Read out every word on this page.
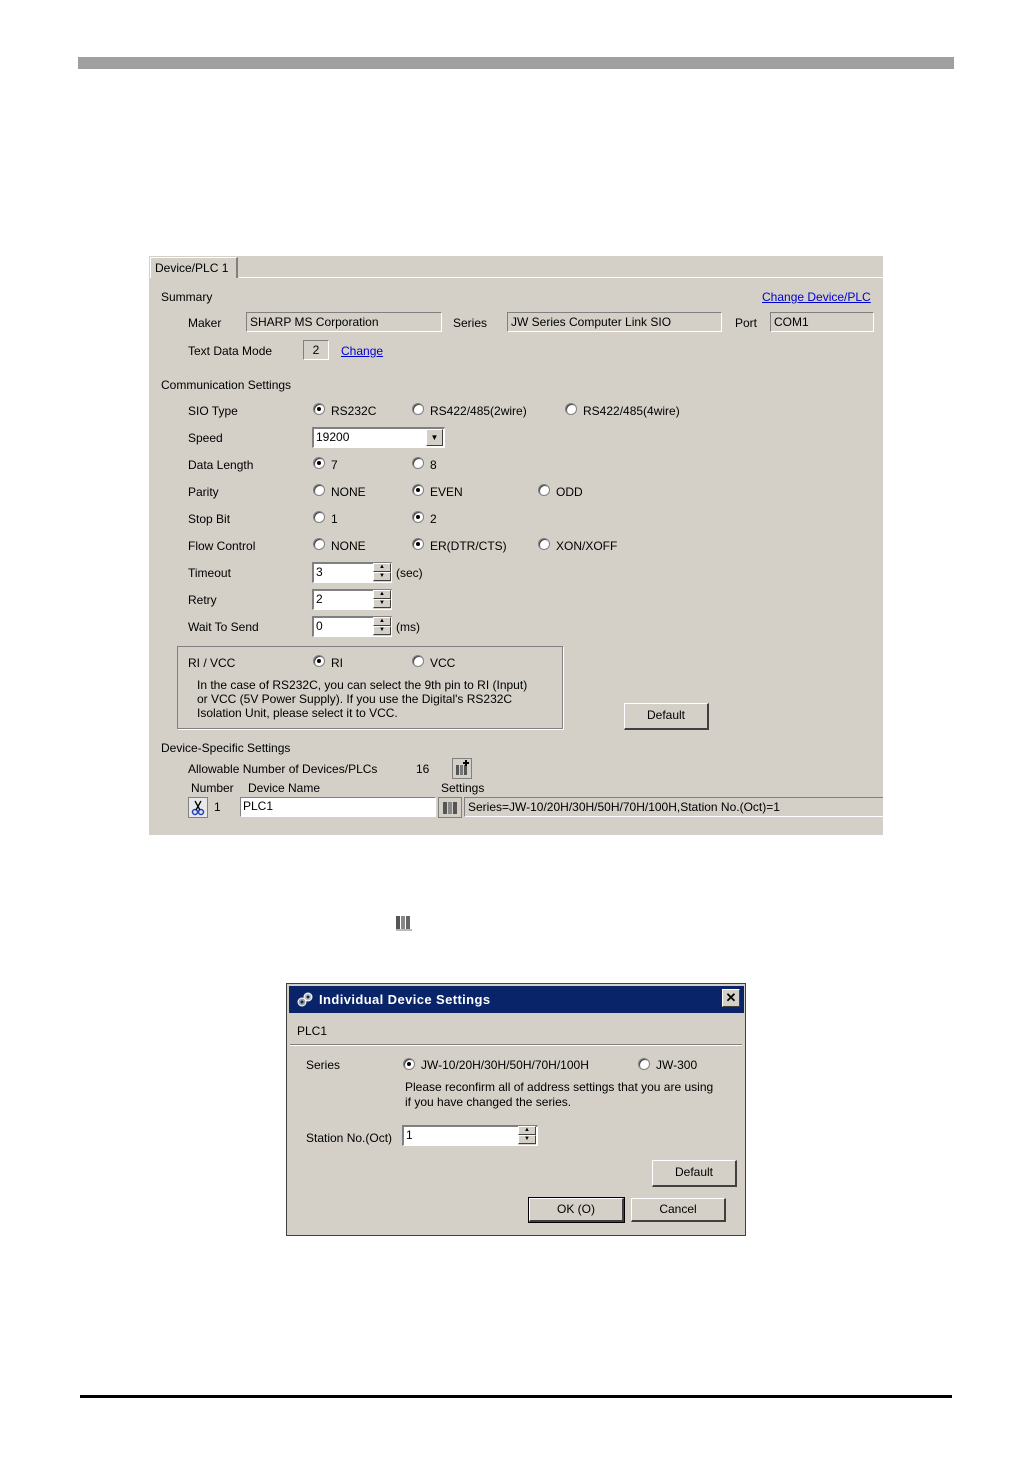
Device/PLC 1
Summary	Change Device/PLC
Maker	SHARP MS Corporation	Series	JW Series Computer Link SIO	Port	COM1
Text Data Mode	2	Change
Communication Settings
SIO Type	RS232C	RS422/485(2wire)	RS422/485(4wire)
Speed	19200	▼
Data Length	7	8
Parity	NONE	EVEN	ODD
Stop Bit	1	2
Flow Control	NONE	ER(DTR/CTS)	XON/XOFF
Timeout	3	▲
▼ (sec)
Retry	2	▲
▼
Wait To Send	0	▲
▼ (ms)
RI / VCC	RI	VCC
In the case of RS232C, you can select the 9th pin to RI (Input)
or VCC (5V Power Supply). If you use the Digital's RS232C
Isolation Unit, please select it to VCC.	Default
Device-Specific Settings
Allowable Number of Devices/PLCs	16
Number Device Name	Settings
1 PLC1	Series=JW-10/20H/30H/50H/70H/100H,Station No.(Oct)=1
Individual Device Settings	✕
PLC1
Series	JW-10/20H/30H/50H/70H/100H	JW-300
Please reconfirm all of address settings that you are using
if you have changed the series.
Station No.(Oct)	1	▲
▼
Default
OK (O)	Cancel
